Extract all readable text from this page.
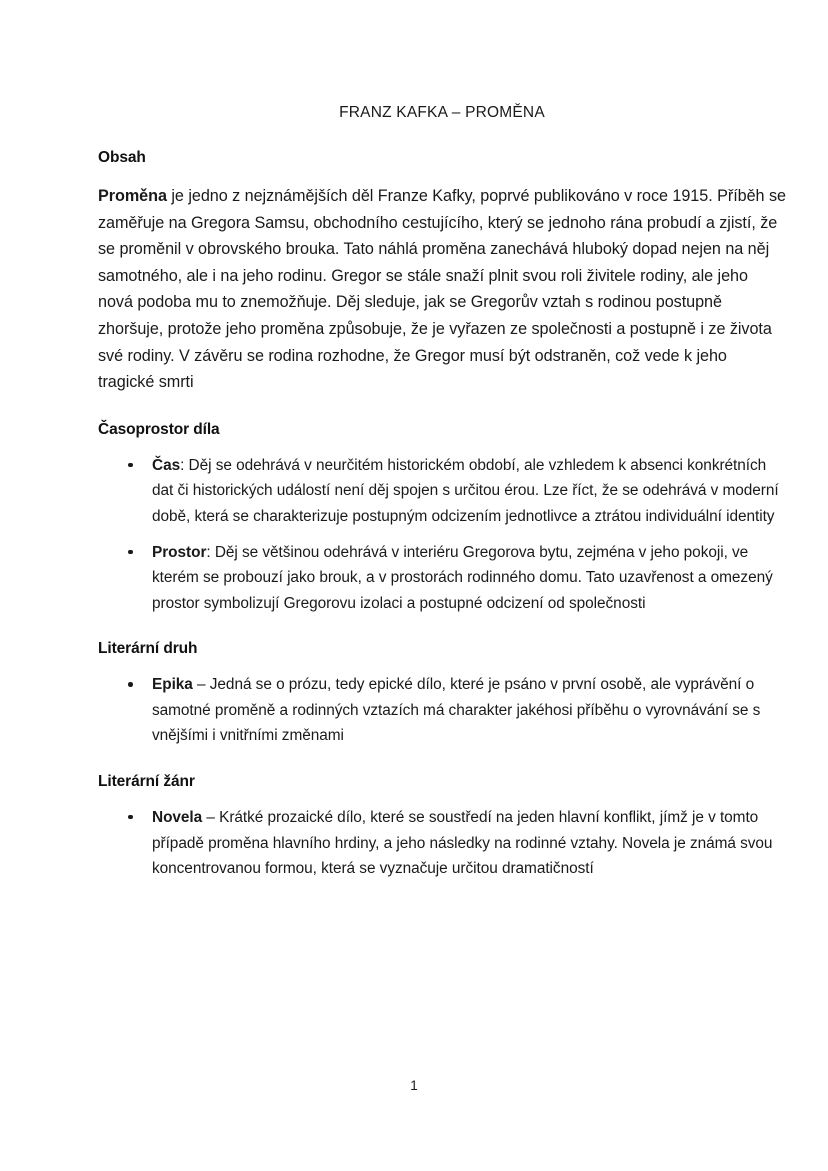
FRANZ KAFKA – PROMĚNA
Obsah

Proměna je jedno z nejznámějších děl Franze Kafky, poprvé publikováno v roce 1915. Příběh se zaměřuje na Gregora Samsu, obchodního cestujícího, který se jednoho rána probudí a zjistí, že se proměnil v obrovského brouka. Tato náhlá proměna zanechává hluboký dopad nejen na něj samotného, ale i na jeho rodinu. Gregor se stále snaží plnit svou roli živitele rodiny, ale jeho nová podoba mu to znemožňuje. Děj sleduje, jak se Gregorův vztah s rodinou postupně zhoršuje, protože jeho proměna způsobuje, že je vyřazen ze společnosti a postupně i ze života své rodiny. V závěru se rodina rozhodne, že Gregor musí být odstraněn, což vede k jeho tragické smrti

Časoprostor díla
Čas: Děj se odehrává v neurčitém historickém období, ale vzhledem k absenci konkrétních dat či historických událostí není děj spojen s určitou érou. Lze říct, že se odehrává v moderní době, která se charakterizuje postupným odcizením jednotlivce a ztrátou individuální identity
Prostor: Děj se většinou odehrává v interiéru Gregorova bytu, zejména v jeho pokoji, ve kterém se probouzí jako brouk, a v prostorách rodinného domu. Tato uzavřenost a omezený prostor symbolizují Gregorovu izolaci a postupné odcizení od společnosti
Literární druh
Epika – Jedná se o prózu, tedy epické dílo, které je psáno v první osobě, ale vyprávění o samotné proměně a rodinných vztazích má charakter jakéhosi příběhu o vyrovnávání se s vnějšími i vnitřními změnami
Literární žánr
Novela – Krátké prozaické dílo, které se soustředí na jeden hlavní konflikt, jímž je v tomto případě proměna hlavního hrdiny, a jeho následky na rodinné vztahy. Novela je známá svou koncentrovanou formou, která se vyznačuje určitou dramatičností
1
